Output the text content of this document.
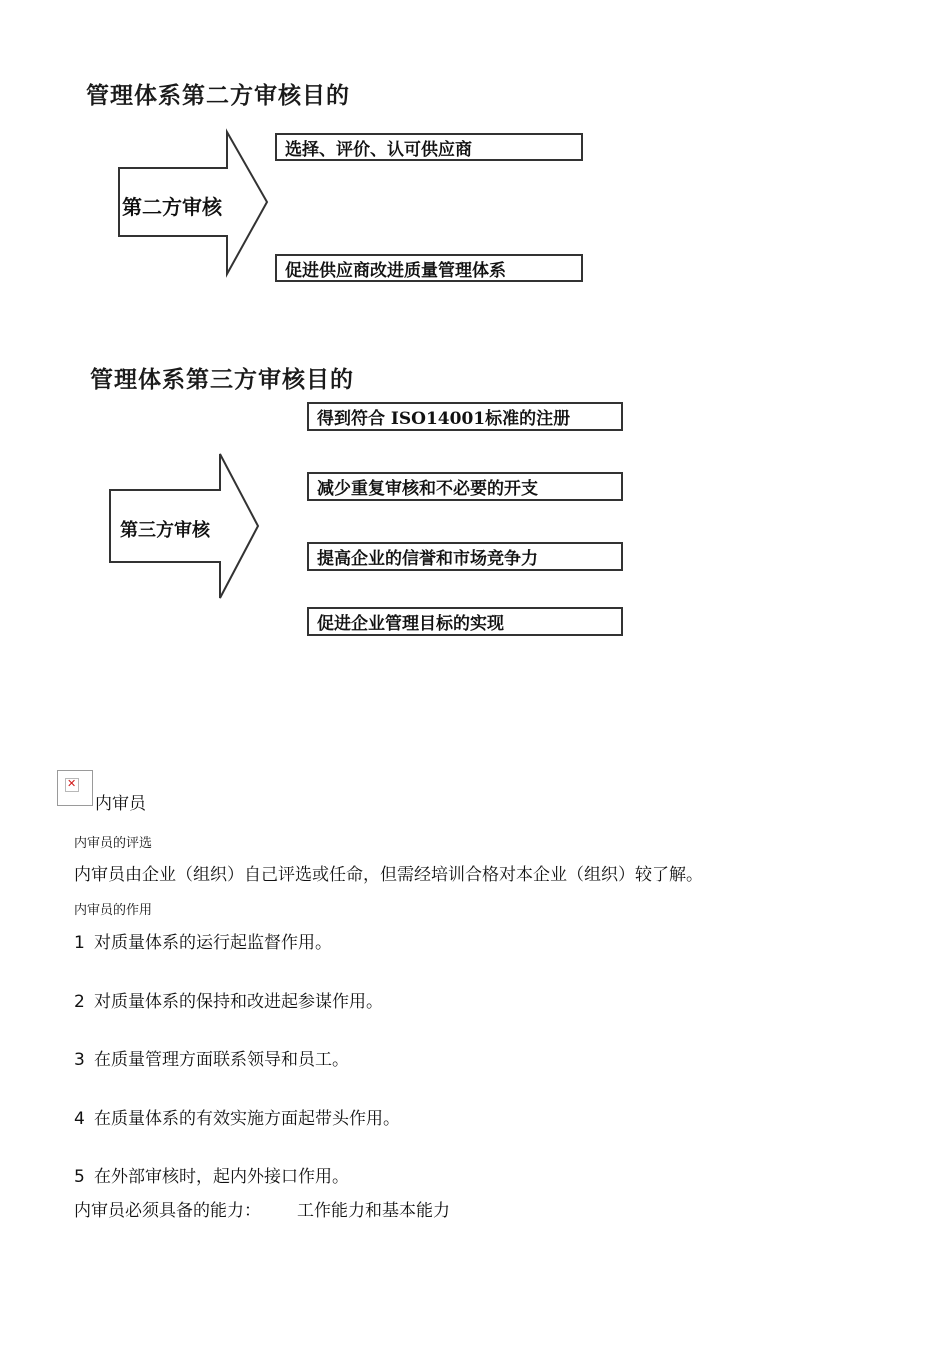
管理体系第二方审核目的
第二方审核
选择、评价、认可供应商
促进供应商改进质量管理体系
管理体系第三方审核目的
第三方审核
得到符合 ISO14001标准的注册
减少重复审核和不必要的开支
提高企业的信誉和市场竞争力
促进企业管理目标的实现
✕
内审员
内审员的评选
内审员由企业（组织）自己评选或任命，但需经培训合格对本企业（组织）较了解。
内审员的作用
1 对质量体系的运行起监督作用。
2 对质量体系的保持和改进起参谋作用。
3 在质量管理方面联系领导和员工。
4 在质量体系的有效实施方面起带头作用。
5 在外部审核时，起内外接口作用。
内审员必须具备的能力： 工作能力和基本能力
